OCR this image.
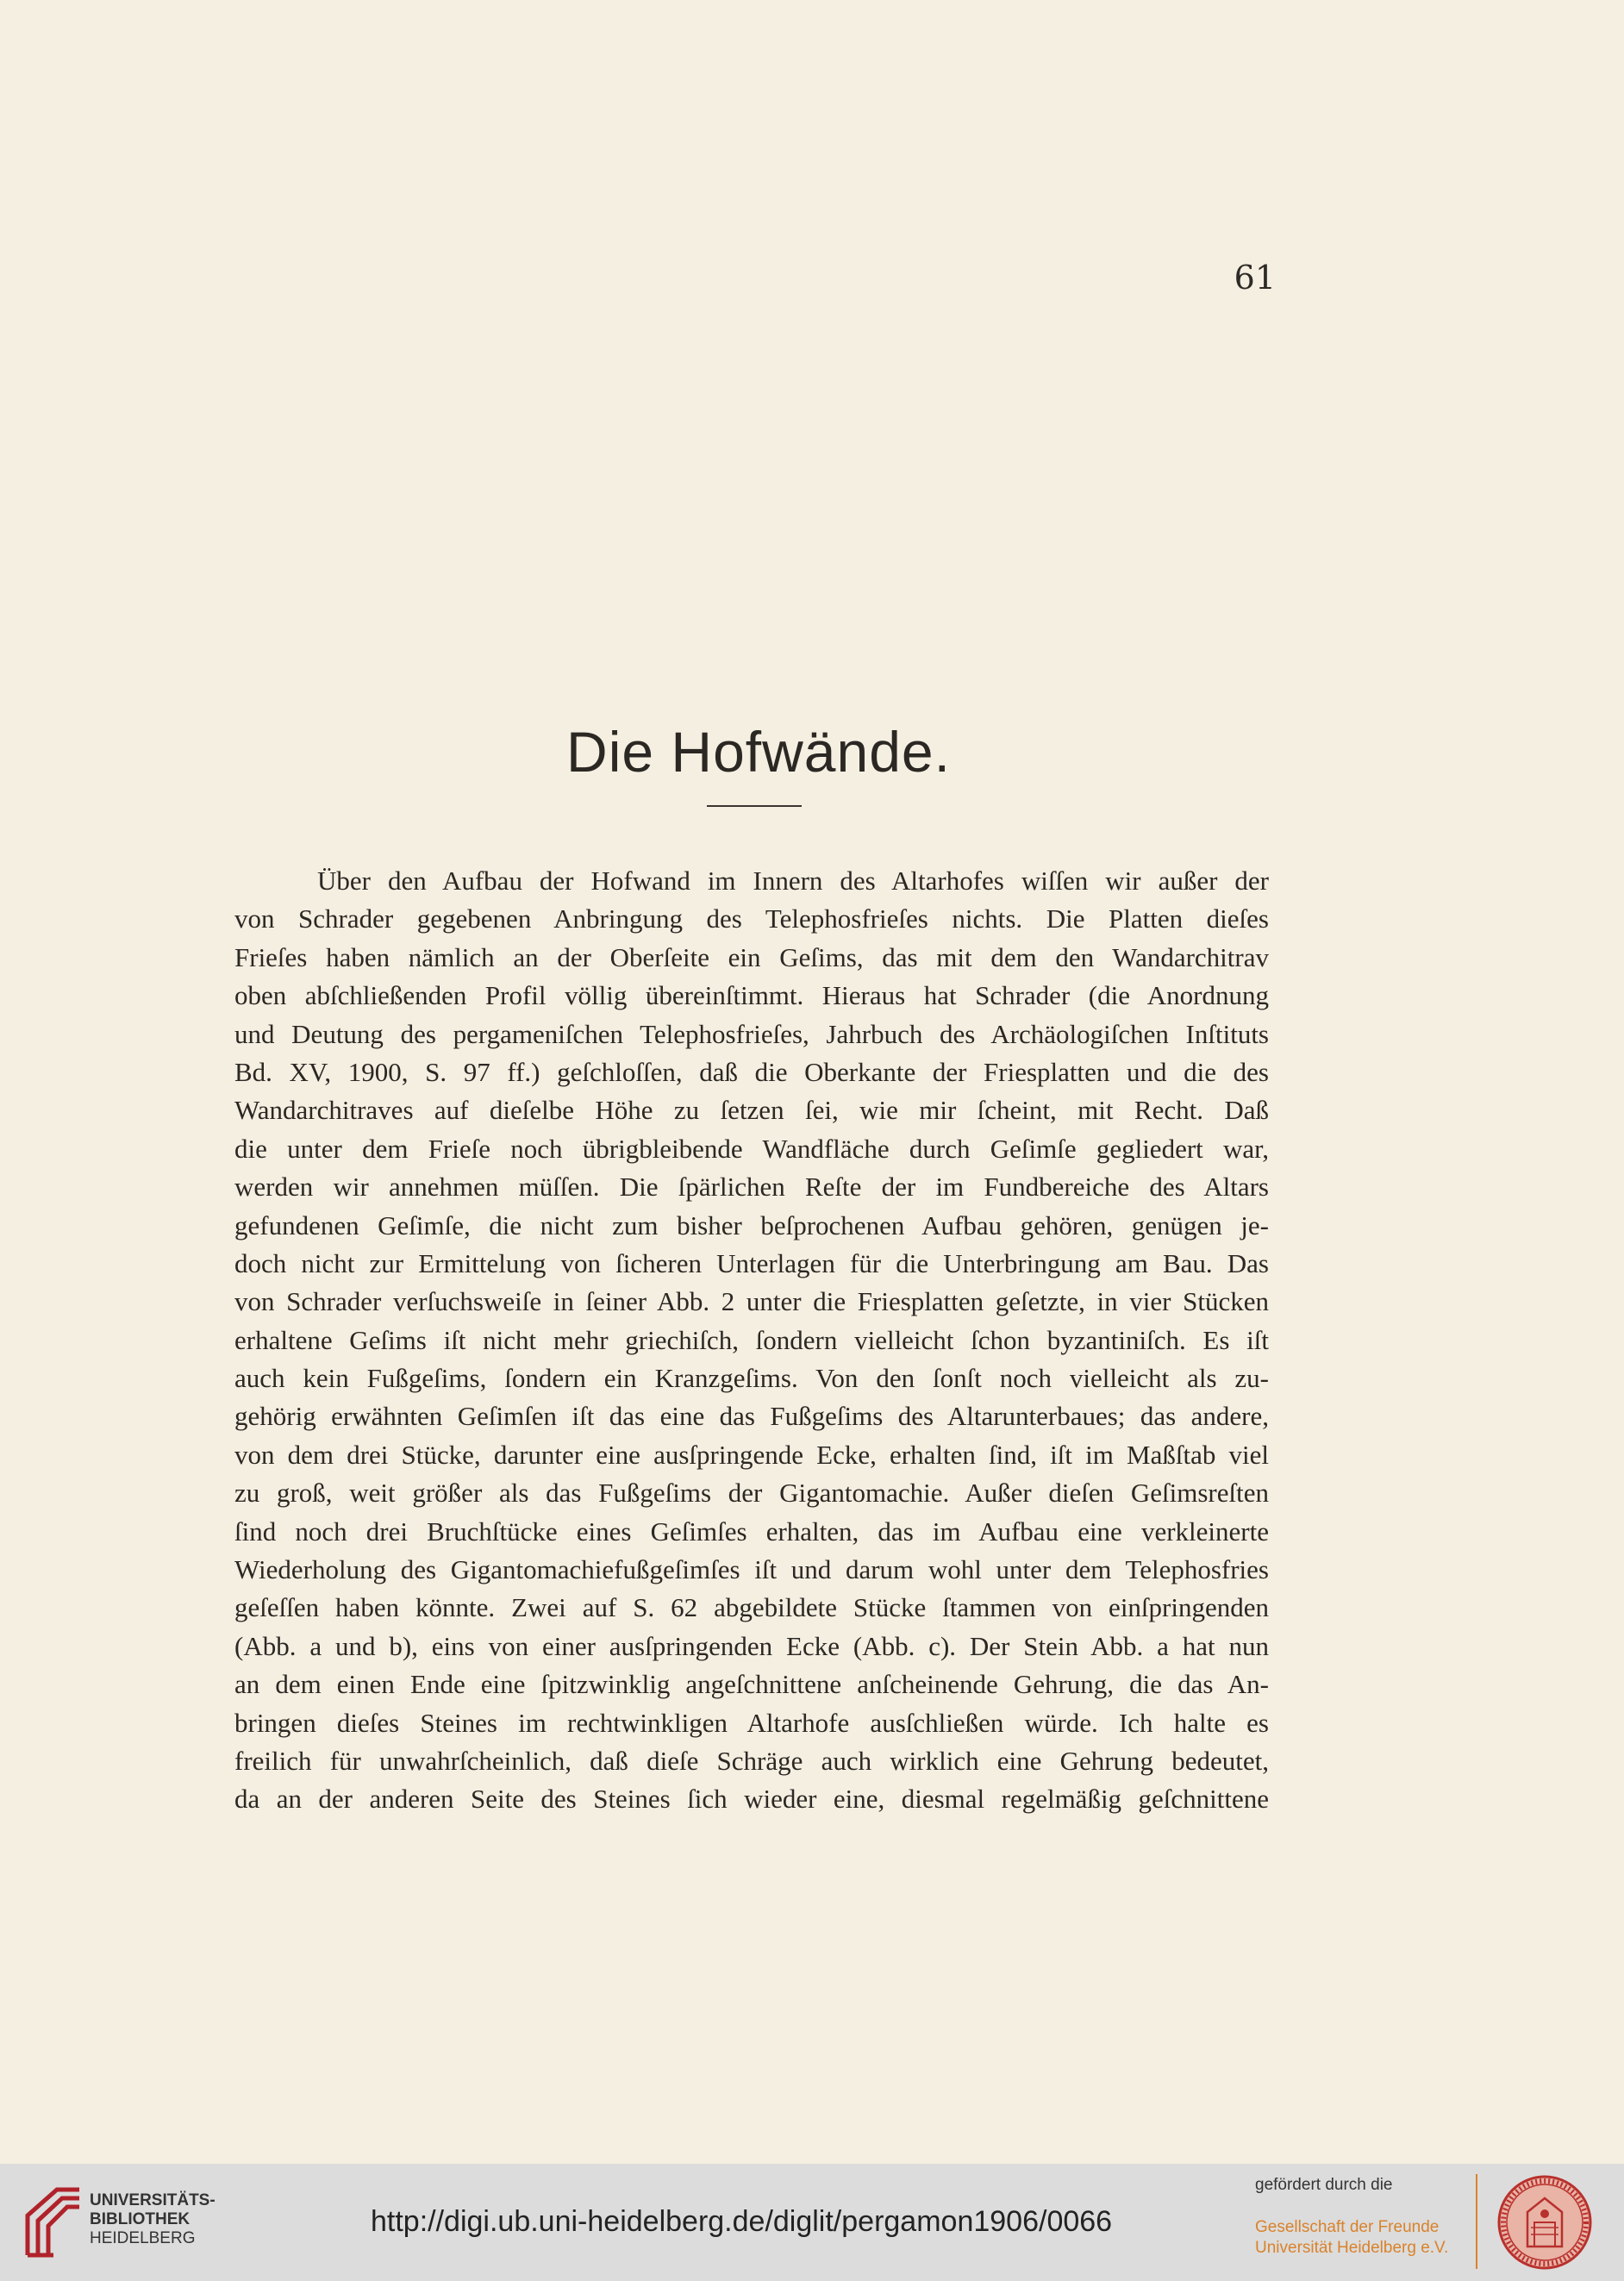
61
Die Hofwände.
Über den Aufbau der Hofwand im Innern des Altarhofes wiſſen wir außer der
von Schrader gegebenen Anbringung des Telephosfrieſes nichts. Die Platten dieſes
Frieſes haben nämlich an der Oberſeite ein Geſims, das mit dem den Wandarchitrav
oben abſchließenden Profil völlig übereinſtimmt. Hieraus hat Schrader (die Anordnung
und Deutung des pergameniſchen Telephosfrieſes, Jahrbuch des Archäologiſchen Inſtituts
Bd. XV, 1900, S. 97 ff.) geſchloſſen, daß die Oberkante der Friesplatten und die des
Wandarchitraves auf dieſelbe Höhe zu ſetzen ſei, wie mir ſcheint, mit Recht. Daß
die unter dem Frieſe noch übrigbleibende Wandfläche durch Geſimſe gegliedert war,
werden wir annehmen müſſen. Die ſpärlichen Reſte der im Fundbereiche des Altars
gefundenen Geſimſe, die nicht zum bisher beſprochenen Aufbau gehören, genügen je-
doch nicht zur Ermittelung von ſicheren Unterlagen für die Unterbringung am Bau. Das
von Schrader verſuchsweiſe in ſeiner Abb. 2 unter die Friesplatten geſetzte, in vier Stücken
erhaltene Geſims iſt nicht mehr griechiſch, ſondern vielleicht ſchon byzantiniſch. Es iſt
auch kein Fußgeſims, ſondern ein Kranzgeſims. Von den ſonſt noch vielleicht als zu-
gehörig erwähnten Geſimſen iſt das eine das Fußgeſims des Altarunterbaues; das andere,
von dem drei Stücke, darunter eine ausſpringende Ecke, erhalten ſind, iſt im Maßſtab viel
zu groß, weit größer als das Fußgeſims der Gigantomachie. Außer dieſen Geſimsreſten
ſind noch drei Bruchſtücke eines Geſimſes erhalten, das im Aufbau eine verkleinerte
Wiederholung des Gigantomachiefußgeſimſes iſt und darum wohl unter dem Telephosfries
geſeſſen haben könnte. Zwei auf S. 62 abgebildete Stücke ſtammen von einſpringenden
(Abb. a und b), eins von einer ausſpringenden Ecke (Abb. c). Der Stein Abb. a hat nun
an dem einen Ende eine ſpitzwinklig angeſchnittene anſcheinende Gehrung, die das An-
bringen dieſes Steines im rechtwinkligen Altarhofe ausſchließen würde. Ich halte es
freilich für unwahrſcheinlich, daß dieſe Schräge auch wirklich eine Gehrung bedeutet,
da an der anderen Seite des Steines ſich wieder eine, diesmal regelmäßig geſchnittene
UNIVERSITÄTS-
BIBLIOTHEK
HEIDELBERG
http://digi.ub.uni-heidelberg.de/diglit/pergamon1906/0066
gefördert durch die
Gesellschaft der Freunde
Universität Heidelberg e.V.
